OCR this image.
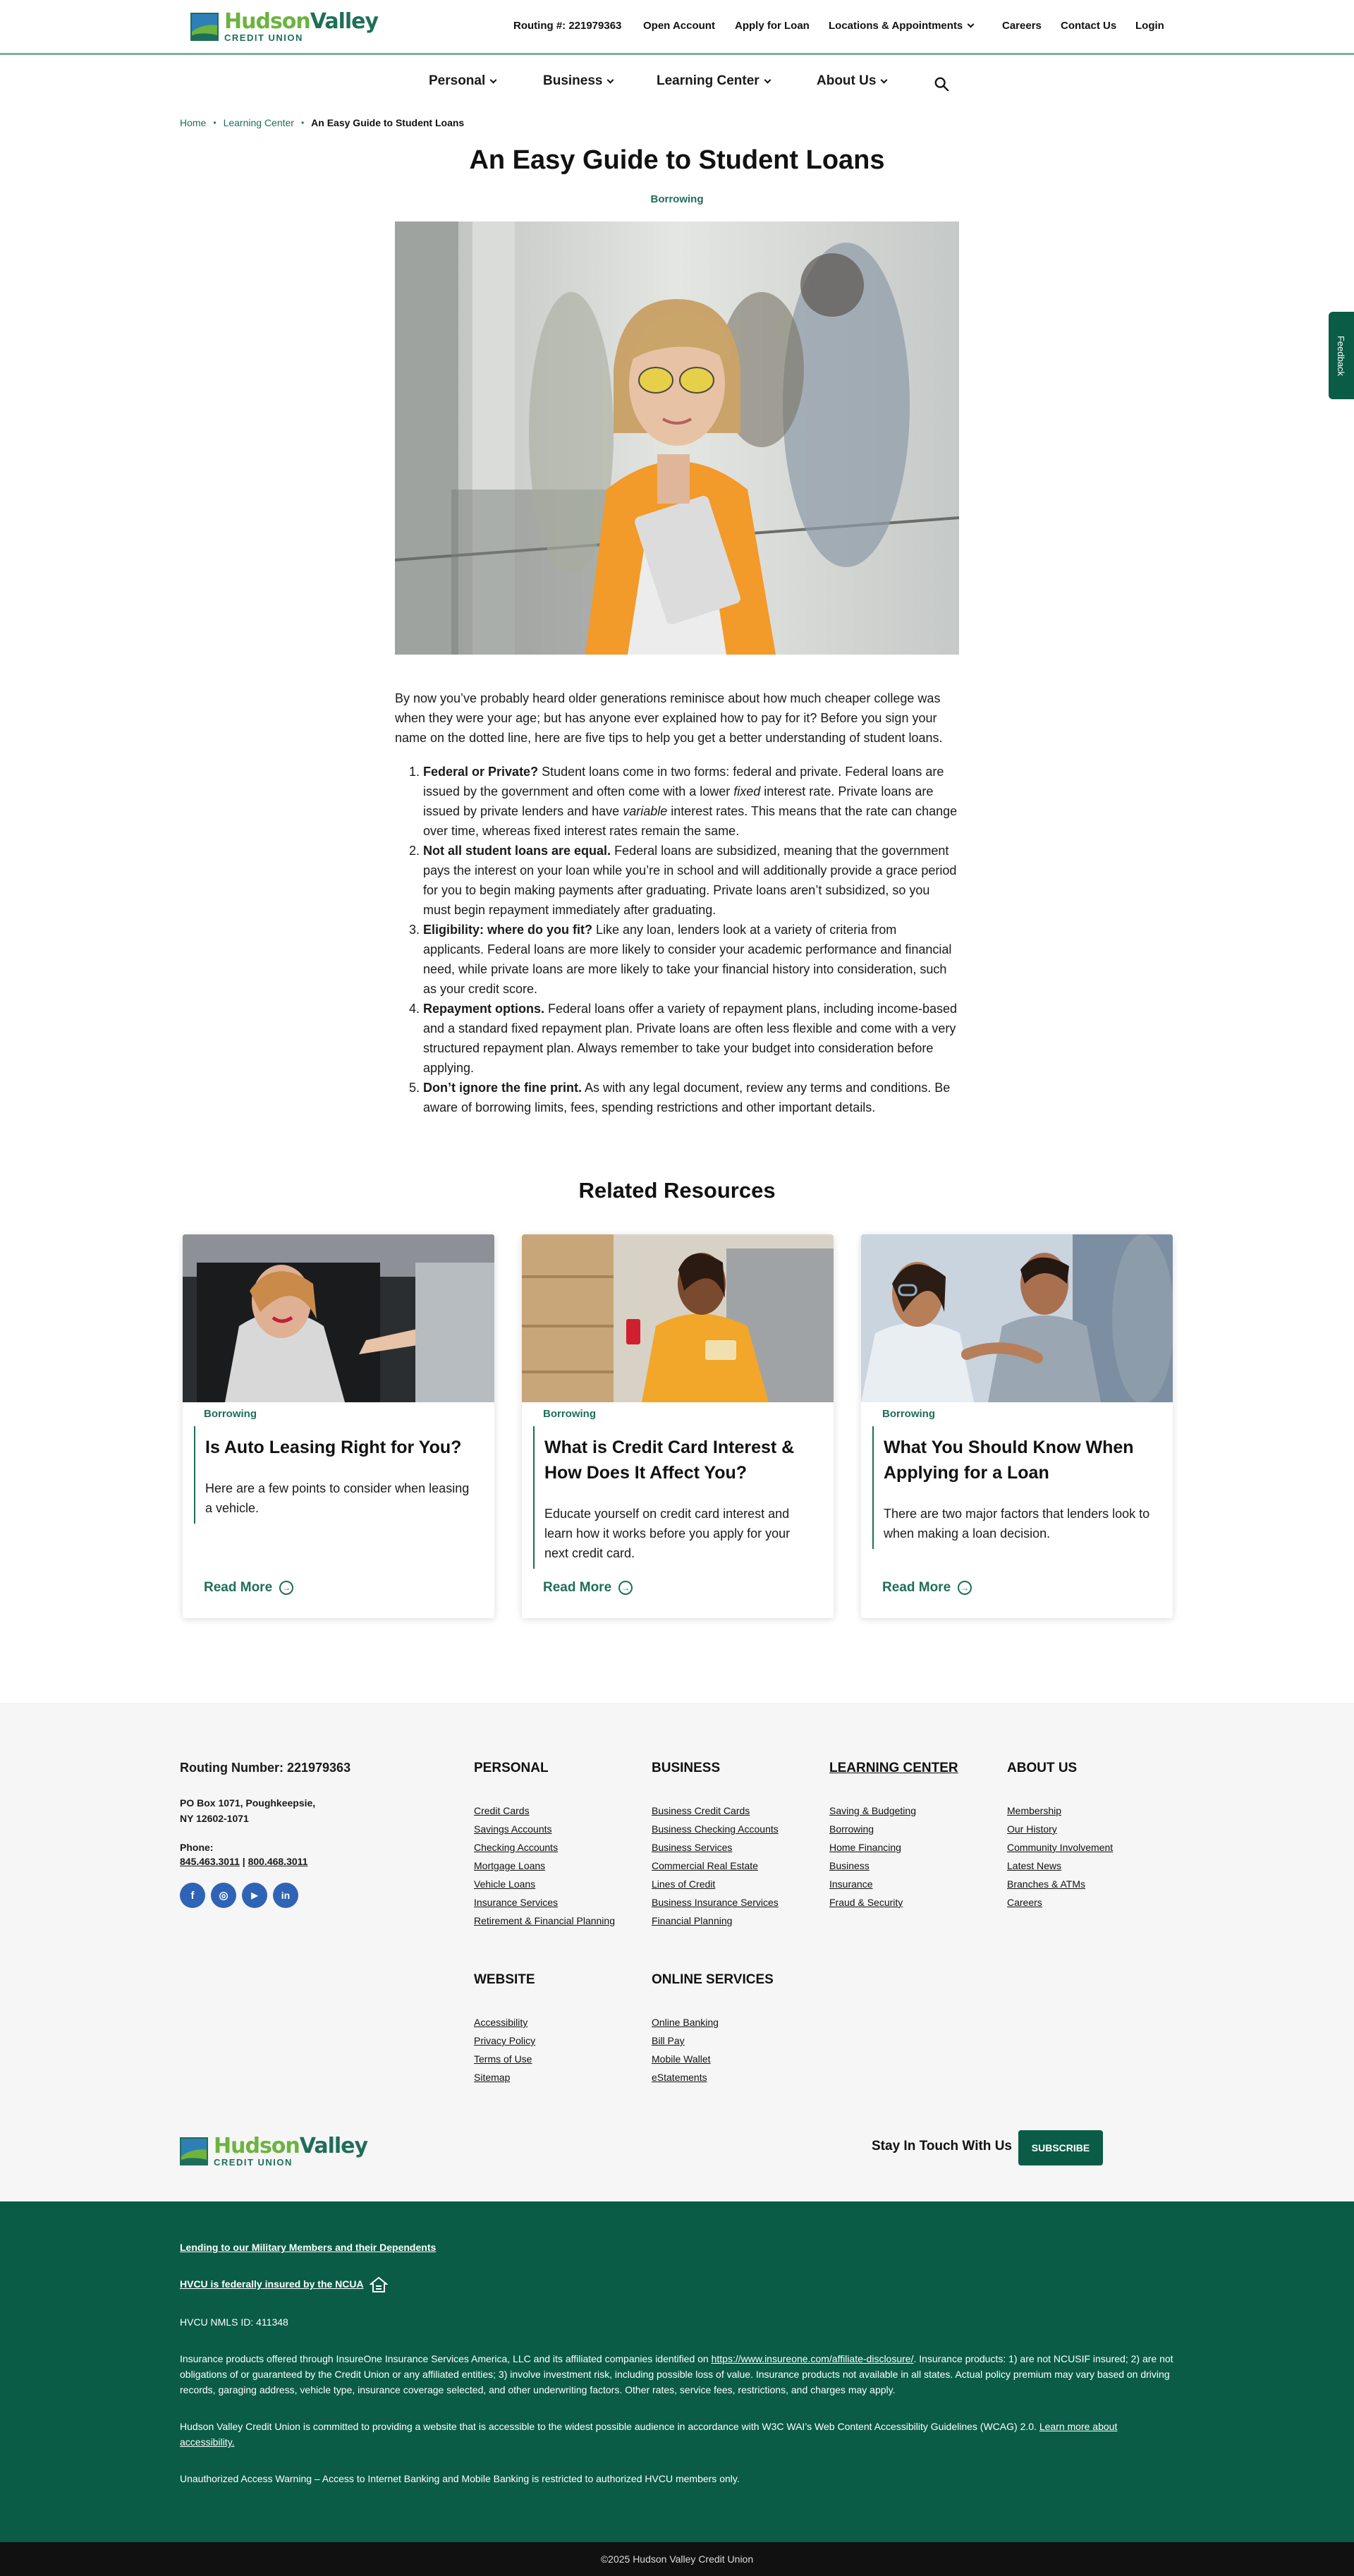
HudsonValley
CREDIT UNION
Routing #: 221979363 Open Account Apply for Loan Locations & Appointments	Careers Contact Us Login
Personal	Business	Learning Center	About Us
Home • Learning Center • An Easy Guide to Student Loans
An Easy Guide to Student Loans
Borrowing

By now you’ve probably heard older generations reminisce about how much cheaper college was when they were your age; but has anyone ever explained how to pay for it? Before you sign your name on the dotted line, here are five tips to help you get a better understanding of student loans.

1. Federal or Private? Student loans come in two forms: federal and private. Federal loans are issued by the government and often come with a lower fixed interest rate. Private loans are issued by private lenders and have variable interest rates. This means that the rate can change over time, whereas fixed interest rates remain the same.
2. Not all student loans are equal. Federal loans are subsidized, meaning that the government pays the interest on your loan while you’re in school and will additionally provide a grace period for you to begin making payments after graduating. Private loans aren’t subsidized, so you must begin repayment immediately after graduating.
3. Eligibility: where do you fit? Like any loan, lenders look at a variety of criteria from applicants. Federal loans are more likely to consider your academic performance and financial need, while private loans are more likely to take your financial history into consideration, such as your credit score.
4. Repayment options. Federal loans offer a variety of repayment plans, including income-based and a standard fixed repayment plan. Private loans are often less flexible and come with a very structured repayment plan. Always remember to take your budget into consideration before applying.
5. Don’t ignore the fine print. As with any legal document, review any terms and conditions. Be aware of borrowing limits, fees, spending restrictions and other important details.
Related Resources
Borrowing
Is Auto Leasing Right for You?
Here are a few points to consider when leasing a vehicle.
Read More	→
Borrowing
What is Credit Card Interest & How Does It Affect You?
Educate yourself on credit card interest and learn how it works before you apply for your next credit card.
Read More	→
Borrowing
What You Should Know When Applying for a Loan
There are two major factors that lenders look to when making a loan decision.
Read More	→
Routing Number: 221979363
PO Box 1071, Poughkeepsie,
NY 12602-1071
Phone:
845.463.3011 | 800.468.3011
f	◎	▶	in
PERSONAL
Credit Cards
Savings Accounts
Checking Accounts
Mortgage Loans
Vehicle Loans
Insurance Services
Retirement & Financial Planning
BUSINESS
Business Credit Cards
Business Checking Accounts
Business Services
Commercial Real Estate
Lines of Credit
Business Insurance Services
Financial Planning
LEARNING CENTER
Saving & Budgeting
Borrowing
Home Financing
Business
Insurance
Fraud & Security
ABOUT US
Membership
Our History
Community Involvement
Latest News
Branches & ATMs
Careers
WEBSITE
Accessibility
Privacy Policy
Terms of Use
Sitemap
ONLINE SERVICES
Online Banking
Bill Pay
Mobile Wallet
eStatements
HudsonValley
CREDIT UNION
Stay In Touch With Us	SUBSCRIBE

Lending to our Military Members and their Dependents

HVCU is federally insured by the NCUA

HVCU NMLS ID: 411348

Insurance products offered through InsureOne Insurance Services America, LLC and its affiliated companies identified on https://www.insureone.com/affiliate-disclosure/. Insurance products: 1) are not NCUSIF insured; 2) are not obligations of or guaranteed by the Credit Union or any affiliated entities; 3) involve investment risk, including possible loss of value. Insurance products not available in all states. Actual policy premium may vary based on driving records, garaging address, vehicle type, insurance coverage selected, and other underwriting factors. Other rates, service fees, restrictions, and charges may apply.

Hudson Valley Credit Union is committed to providing a website that is accessible to the widest possible audience in accordance with W3C WAI’s Web Content Accessibility Guidelines (WCAG) 2.0. Learn more about accessibility.

Unauthorized Access Warning – Access to Internet Banking and Mobile Banking is restricted to authorized HVCU members only.

©2025 Hudson Valley Credit Union
Feedback
